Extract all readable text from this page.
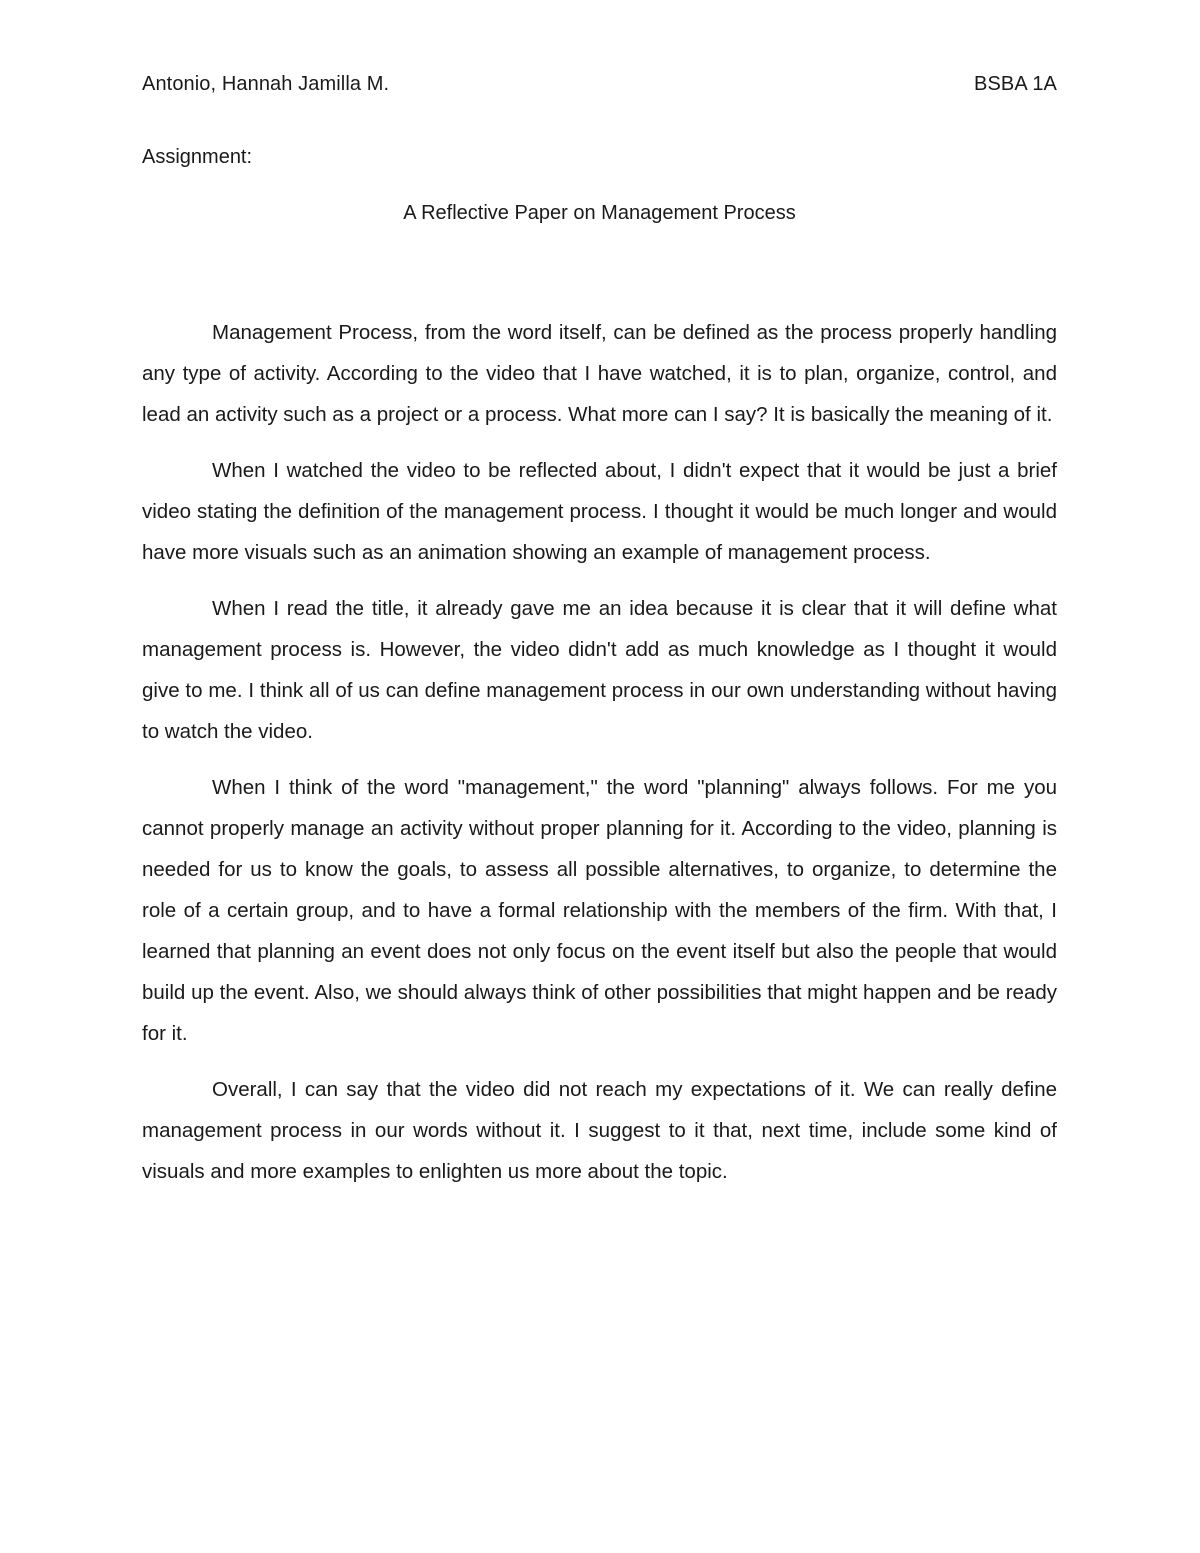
Antonio, Hannah Jamilla M.	BSBA 1A
Assignment:
A Reflective Paper on Management Process

Management Process, from the word itself, can be defined as the process properly handling any type of activity. According to the video that I have watched, it is to plan, organize, control, and lead an activity such as a project or a process. What more can I say? It is basically the meaning of it.

When I watched the video to be reflected about, I didn't expect that it would be just a brief video stating the definition of the management process. I thought it would be much longer and would have more visuals such as an animation showing an example of management process.

When I read the title, it already gave me an idea because it is clear that it will define what management process is. However, the video didn't add as much knowledge as I thought it would give to me. I think all of us can define management process in our own understanding without having to watch the video.

When I think of the word "management," the word "planning" always follows. For me you cannot properly manage an activity without proper planning for it. According to the video, planning is needed for us to know the goals, to assess all possible alternatives, to organize, to determine the role of a certain group, and to have a formal relationship with the members of the firm. With that, I learned that planning an event does not only focus on the event itself but also the people that would build up the event. Also, we should always think of other possibilities that might happen and be ready for it.

Overall, I can say that the video did not reach my expectations of it. We can really define management process in our words without it. I suggest to it that, next time, include some kind of visuals and more examples to enlighten us more about the topic.
